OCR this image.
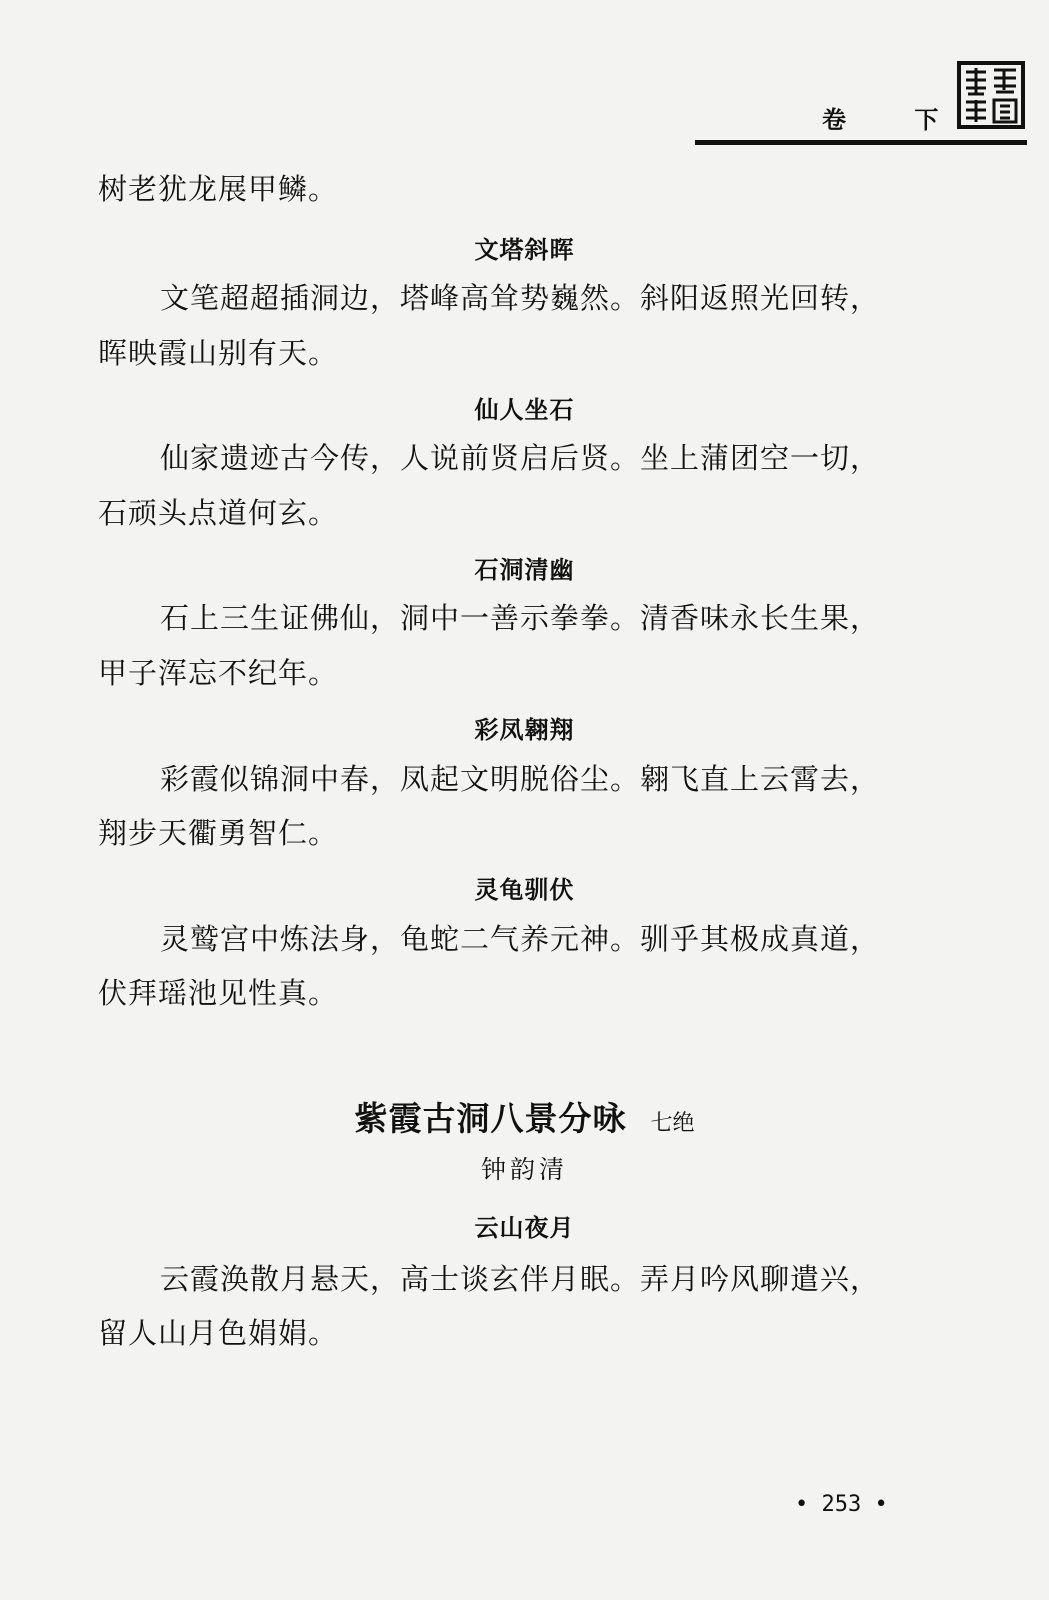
卷 下
树老犹龙展甲鳞。
文塔斜晖
文笔超超插洞边，塔峰高耸势巍然。斜阳返照光回转，
晖映霞山别有天。
仙人坐石
仙家遗迹古今传，人说前贤启后贤。坐上蒲团空一切，
石顽头点道何玄。
石洞清幽
石上三生证佛仙，洞中一善示拳拳。清香味永长生果，
甲子浑忘不纪年。
彩凤翱翔
彩霞似锦洞中春，凤起文明脱俗尘。翱飞直上云霄去，
翔步天衢勇智仁。
灵龟驯伏
灵鹫宫中炼法身，龟蛇二气养元神。驯乎其极成真道，
伏拜瑶池见性真。
紫霞古洞八景分咏 七绝
钟韵清
云山夜月
云霞涣散月悬天，高士谈玄伴月眠。弄月吟风聊遣兴，
留人山月色娟娟。
• 253 •
